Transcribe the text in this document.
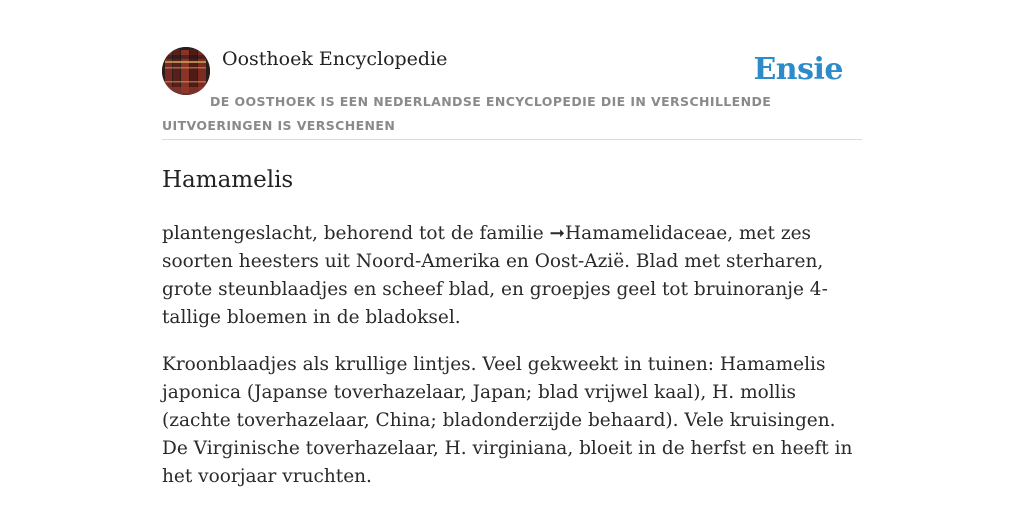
Oosthoek Encyclopedie	Ensie
DE OOSTHOEK IS EEN NEDERLANDSE ENCYCLOPEDIE DIE IN VERSCHILLENDE UITVOERINGEN IS VERSCHENEN
Hamamelis

plantengeslacht, behorend tot de familie ➞Hamamelidaceae, met zes soorten heesters uit Noord-Amerika en Oost-Azië. Blad met sterharen, grote steunblaadjes en scheef blad, en groepjes geel tot bruinoranje 4-tallige bloemen in de bladoksel.

Kroonblaadjes als krullige lintjes. Veel gekweekt in tuinen: Hamamelis japonica (Japanse toverhazelaar, Japan; blad vrijwel kaal), H. mollis (zachte toverhazelaar, China; bladonderzijde behaard). Vele kruisingen. De Virginische toverhazelaar, H. virginiana, bloeit in de herfst en heeft in het voorjaar vruchten.
